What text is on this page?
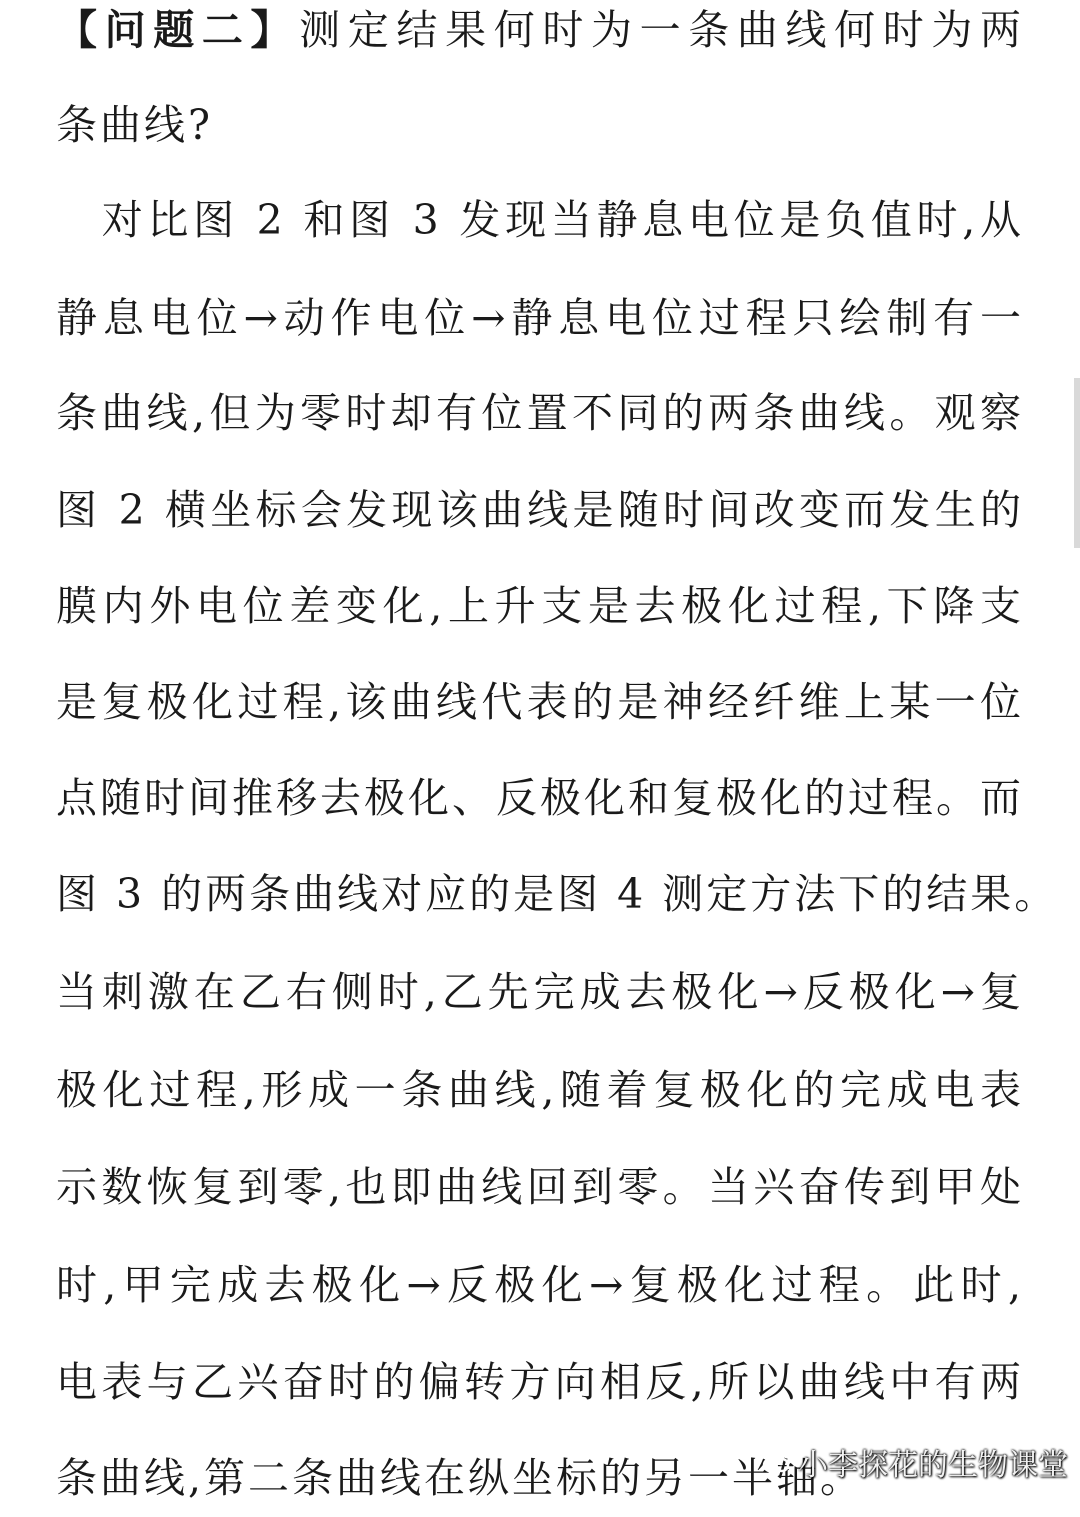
【问题二】测定结果何时为一条曲线何时为两
条曲线?
　对比图 2 和图 3 发现当静息电位是负值时,从
静息电位→动作电位→静息电位过程只绘制有一
条曲线,但为零时却有位置不同的两条曲线。观察
图 2 横坐标会发现该曲线是随时间改变而发生的
膜内外电位差变化,上升支是去极化过程,下降支
是复极化过程,该曲线代表的是神经纤维上某一位
点随时间推移去极化、反极化和复极化的过程。而
图 3 的两条曲线对应的是图 4 测定方法下的结果。
当刺激在乙右侧时,乙先完成去极化→反极化→复
极化过程,形成一条曲线,随着复极化的完成电表
示数恢复到零,也即曲线回到零。当兴奋传到甲处
时,甲完成去极化→反极化→复极化过程。此时,
电表与乙兴奋时的偏转方向相反,所以曲线中有两
条曲线,第二条曲线在纵坐标的另一半轴。
小李探花的生物课堂
